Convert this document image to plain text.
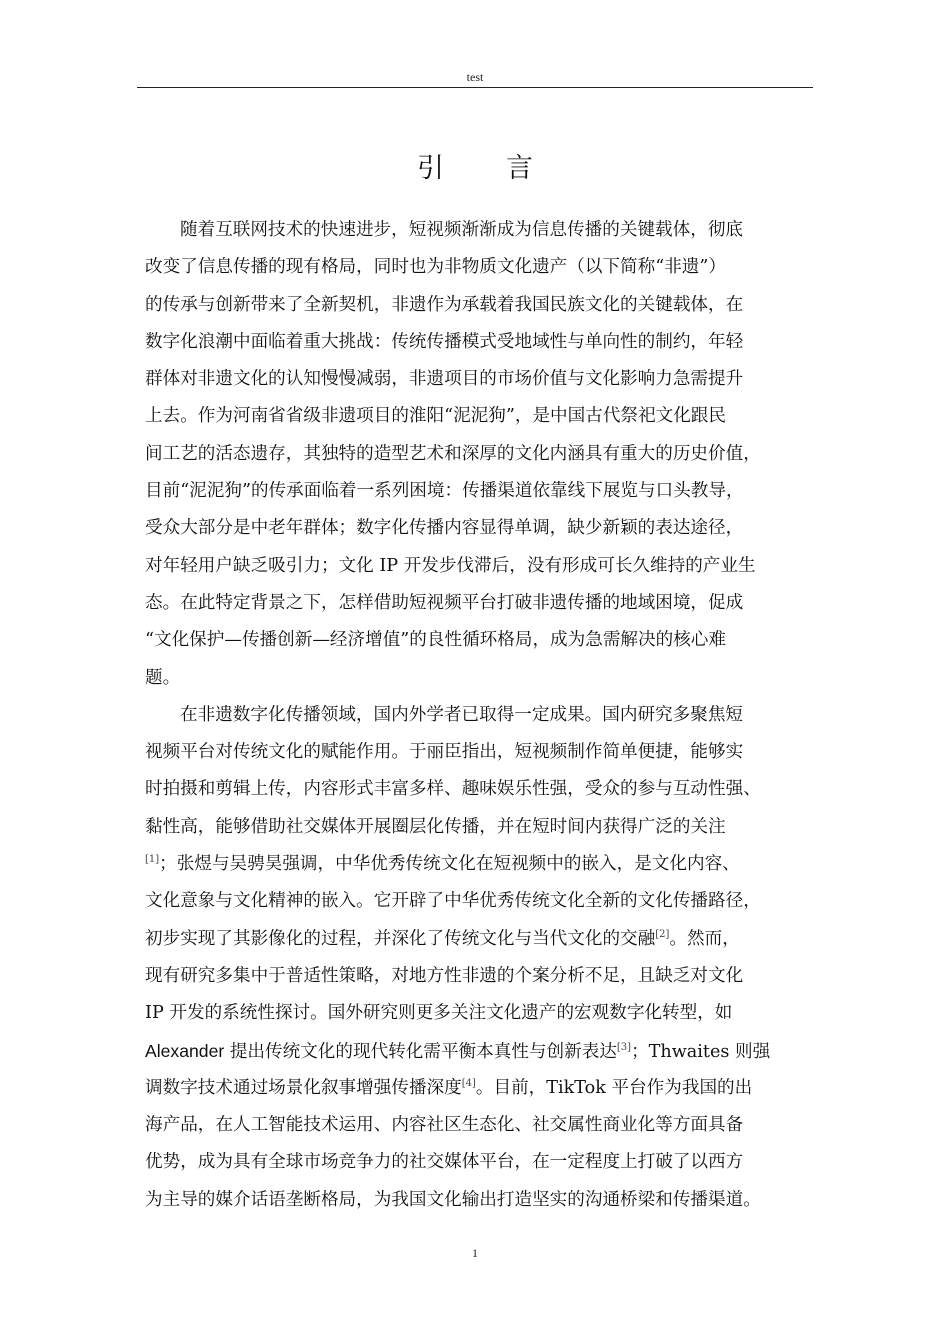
test
引言
随着互联网技术的快速进步，短视频渐渐成为信息传播的关键载体，彻底
改变了信息传播的现有格局，同时也为非物质文化遗产（以下简称“非遗”）
的传承与创新带来了全新契机，非遗作为承载着我国民族文化的关键载体，在
数字化浪潮中面临着重大挑战：传统传播模式受地域性与单向性的制约，年轻
群体对非遗文化的认知慢慢减弱，非遗项目的市场价值与文化影响力急需提升
上去。作为河南省省级非遗项目的淮阳“泥泥狗”，是中国古代祭祀文化跟民
间工艺的活态遗存，其独特的造型艺术和深厚的文化内涵具有重大的历史价值，
目前“泥泥狗”的传承面临着一系列困境：传播渠道依靠线下展览与口头教导，
受众大部分是中老年群体；数字化传播内容显得单调，缺少新颖的表达途径，
对年轻用户缺乏吸引力；文化 IP 开发步伐滞后，没有形成可长久维持的产业生
态。在此特定背景之下，怎样借助短视频平台打破非遗传播的地域困境，促成
“文化保护—传播创新—经济增值”的良性循环格局，成为急需解决的核心难
题。
在非遗数字化传播领域，国内外学者已取得一定成果。国内研究多聚焦短
视频平台对传统文化的赋能作用。于丽臣指出，短视频制作简单便捷，能够实
时拍摄和剪辑上传，内容形式丰富多样、趣味娱乐性强，受众的参与互动性强、
黏性高，能够借助社交媒体开展圈层化传播，并在短时间内获得广泛的关注
[1]；张煜与吴骋昊强调，中华优秀传统文化在短视频中的嵌入，是文化内容、
文化意象与文化精神的嵌入。它开辟了中华优秀传统文化全新的文化传播路径，
初步实现了其影像化的过程，并深化了传统文化与当代文化的交融[2]。然而，
现有研究多集中于普适性策略，对地方性非遗的个案分析不足，且缺乏对文化
IP 开发的系统性探讨。国外研究则更多关注文化遗产的宏观数字化转型，如
Alexander 提出传统文化的现代转化需平衡本真性与创新表达[3]；Thwaites 则强
调数字技术通过场景化叙事增强传播深度[4]。目前，TikTok 平台作为我国的出
海产品，在人工智能技术运用、内容社区生态化、社交属性商业化等方面具备
优势，成为具有全球市场竞争力的社交媒体平台，在一定程度上打破了以西方
为主导的媒介话语垄断格局，为我国文化输出打造坚实的沟通桥梁和传播渠道。
1
